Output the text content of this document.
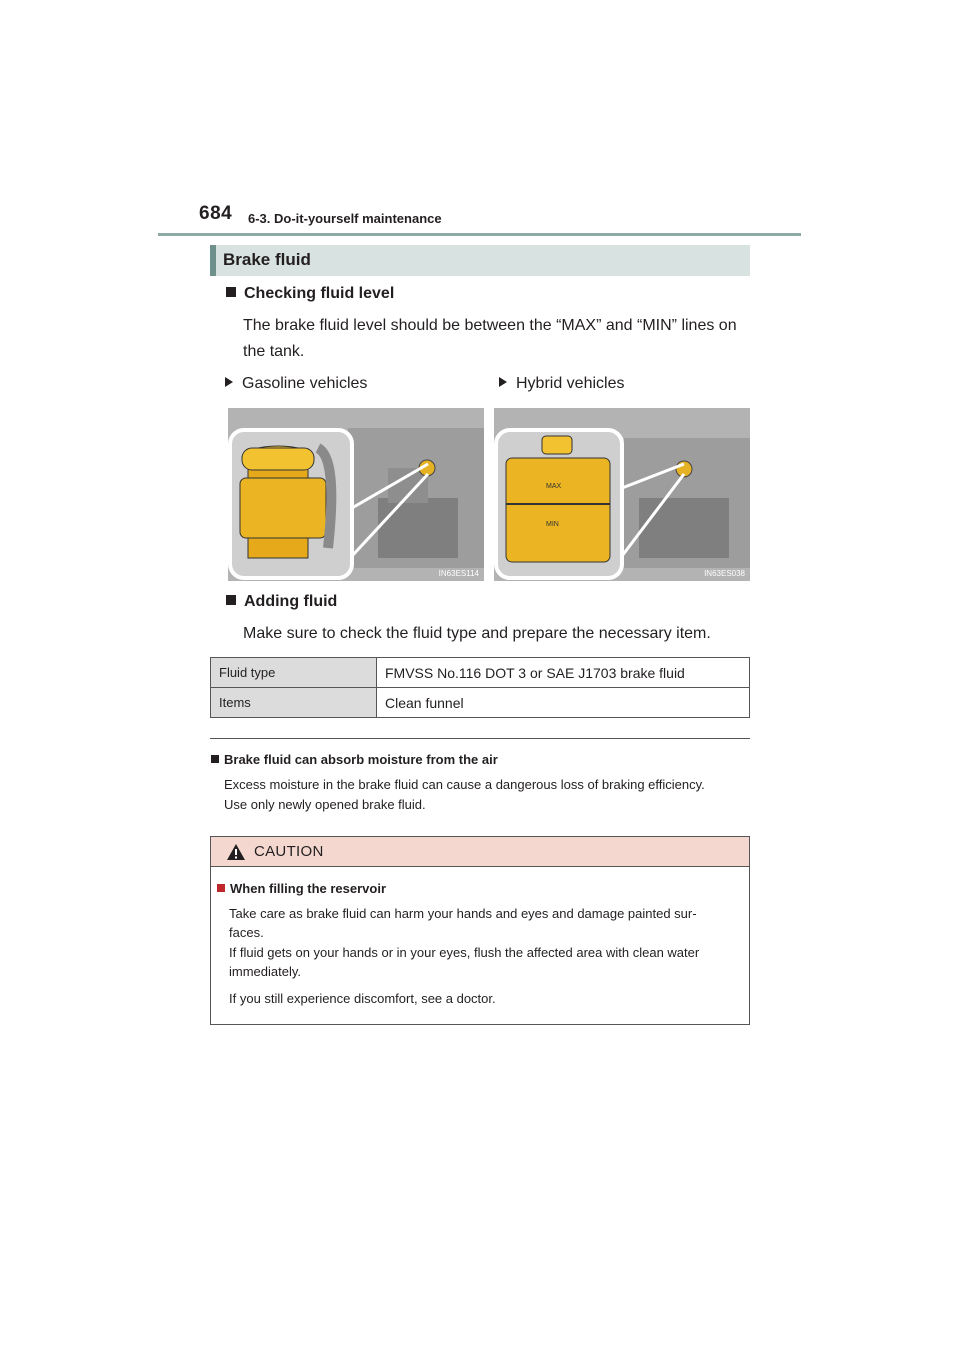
684 6-3. Do-it-yourself maintenance
Brake fluid
Checking fluid level
The brake fluid level should be between the “MAX” and “MIN” lines on
the tank.
Gasoline vehicles	Hybrid vehicles
IN63ES114
MAX
MIN
IN63ES038
Adding fluid
Make sure to check the fluid type and prepare the necessary item.
Fluid type	FMVSS No.116 DOT 3 or SAE J1703 brake fluid
Items	Clean funnel
Brake fluid can absorb moisture from the air
Excess moisture in the brake fluid can cause a dangerous loss of braking efficiency.
Use only newly opened brake fluid.
CAUTION
When filling the reservoir
Take care as brake fluid can harm your hands and eyes and damage painted sur-
faces.
If fluid gets on your hands or in your eyes, flush the affected area with clean water
immediately.
If you still experience discomfort, see a doctor.
